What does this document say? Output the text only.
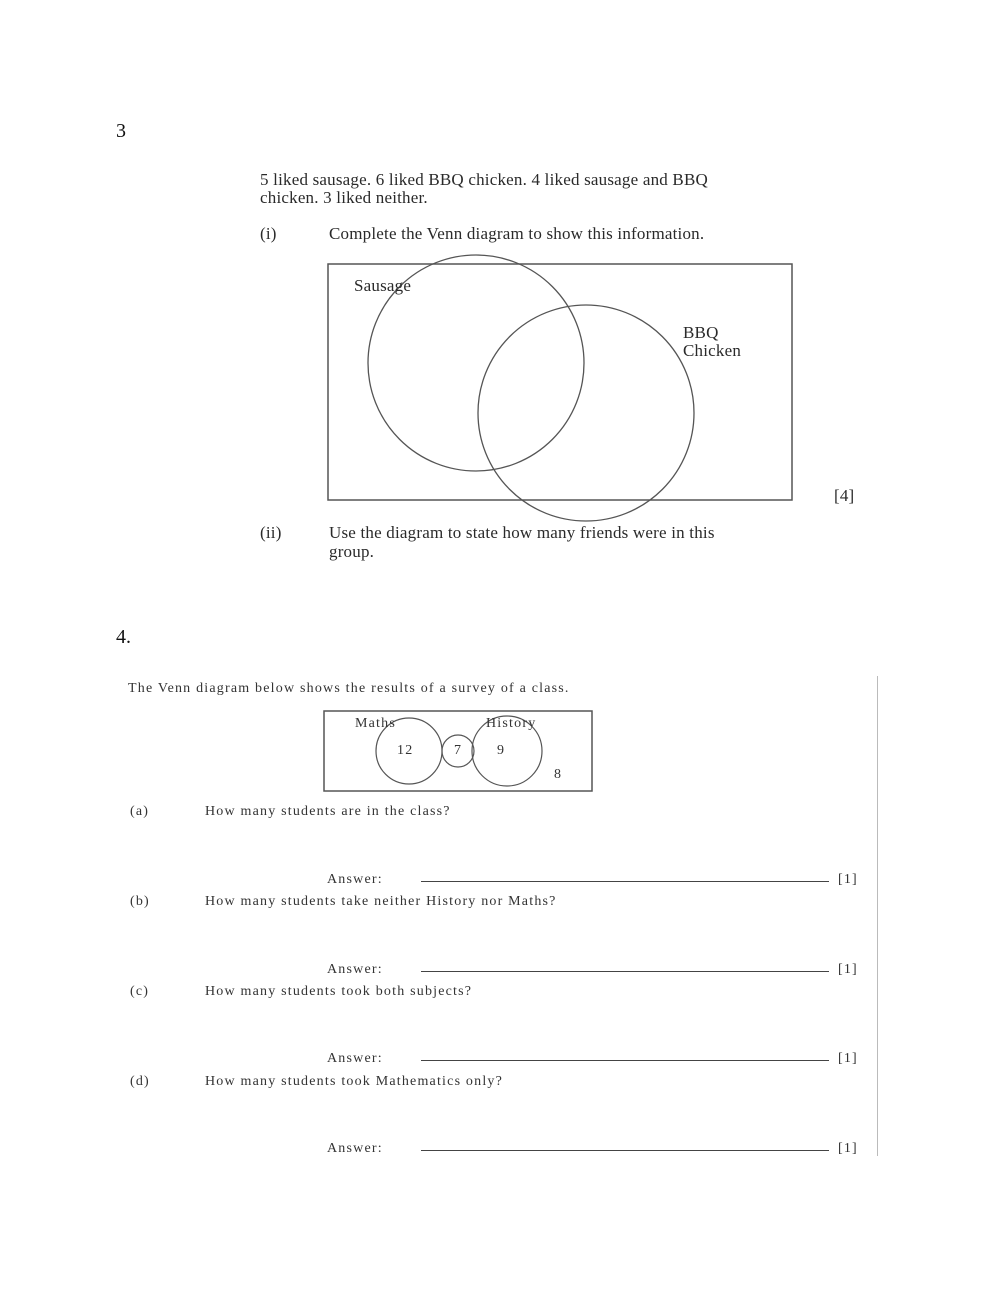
3
5 liked sausage. 6 liked BBQ chicken. 4 liked sausage and BBQ
chicken. 3 liked neither.
(i)	Complete the Venn diagram to show this information.
Sausage
BBQ
Chicken
[4]
(ii)	Use the diagram to state how many friends were in this
group.
4.
The Venn diagram below shows the results of a survey of a class.
Maths	History
12	7 9
8
(a)	How many students are in the class?
Answer:	[1]
(b)	How many students take neither History nor Maths?
Answer:	[1]
(c)	How many students took both subjects?
Answer:	[1]
(d)	How many students took Mathematics only?
Answer:	[1]
